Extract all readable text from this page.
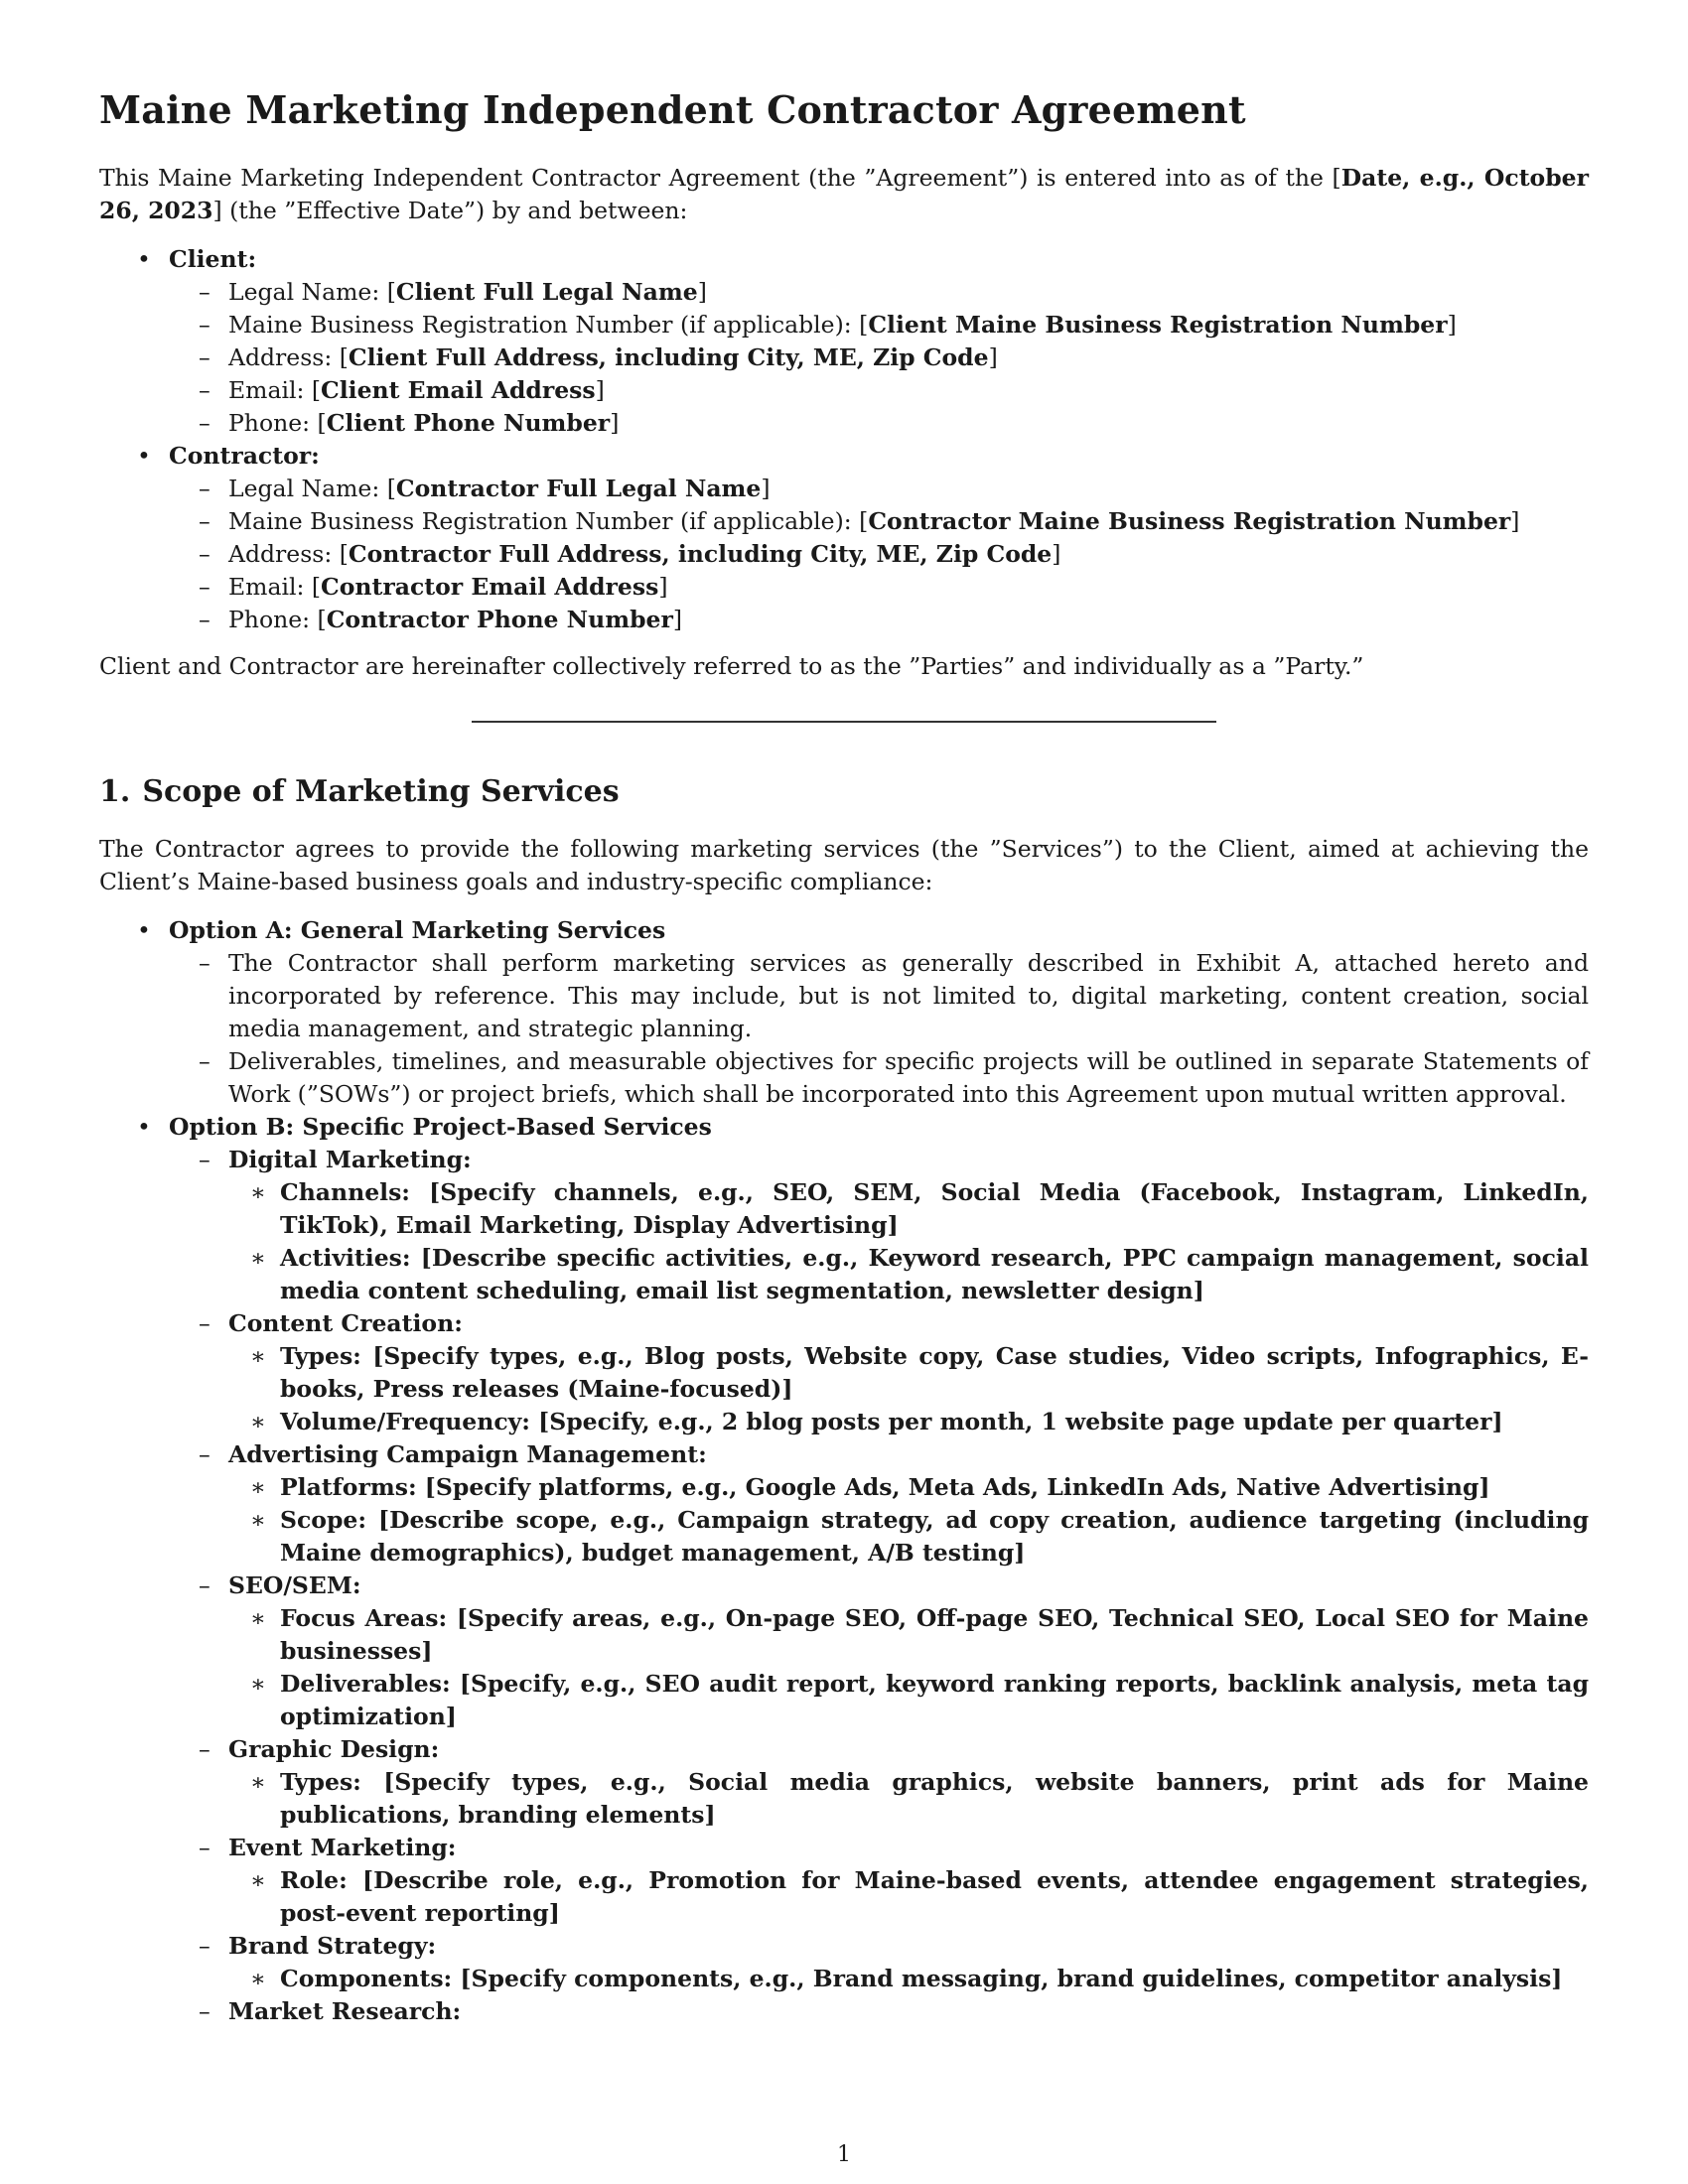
Maine Marketing Independent Contractor Agreement

This Maine Marketing Independent Contractor Agreement (the ”Agreement”) is entered into as of the [Date, e.g., October 26, 2023] (the ”Effective Date”) by and between:

• Client:
– Legal Name: [Client Full Legal Name]
– Maine Business Registration Number (if applicable): [Client Maine Business Registration Number]
– Address: [Client Full Address, including City, ME, Zip Code]
– Email: [Client Email Address]
– Phone: [Client Phone Number]
• Contractor:
– Legal Name: [Contractor Full Legal Name]
– Maine Business Registration Number (if applicable): [Contractor Maine Business Registration Number]
– Address: [Contractor Full Address, including City, ME, Zip Code]
– Email: [Contractor Email Address]
– Phone: [Contractor Phone Number]

Client and Contractor are hereinafter collectively referred to as the ”Parties” and individually as a ”Party.”

1. Scope of Marketing Services

The Contractor agrees to provide the following marketing services (the ”Services”) to the Client, aimed at achieving the Client’s Maine-based business goals and industry-specific compliance:

• Option A: General Marketing Services
– The Contractor shall perform marketing services as generally described in Exhibit A, attached hereto and incorporated by reference. This may include, but is not limited to, digital marketing, content creation, social media management, and strategic planning.
– Deliverables, timelines, and measurable objectives for specific projects will be outlined in separate Statements of Work (”SOWs”) or project briefs, which shall be incorporated into this Agreement upon mutual written approval.
• Option B: Specific Project-Based Services
– Digital Marketing:
∗ Channels: [Specify channels, e.g., SEO, SEM, Social Media (Facebook, Instagram, LinkedIn, TikTok), Email Marketing, Display Advertising]
∗ Activities: [Describe specific activities, e.g., Keyword research, PPC campaign management, social media content scheduling, email list segmentation, newsletter design]
– Content Creation:
∗ Types: [Specify types, e.g., Blog posts, Website copy, Case studies, Video scripts, Infographics, E-books, Press releases (Maine-focused)]
∗ Volume/Frequency: [Specify, e.g., 2 blog posts per month, 1 website page update per quarter]
– Advertising Campaign Management:
∗ Platforms: [Specify platforms, e.g., Google Ads, Meta Ads, LinkedIn Ads, Native Advertising]
∗ Scope: [Describe scope, e.g., Campaign strategy, ad copy creation, audience targeting (including Maine demographics), budget management, A/B testing]
– SEO/SEM:
∗ Focus Areas: [Specify areas, e.g., On-page SEO, Off-page SEO, Technical SEO, Local SEO for Maine businesses]
∗ Deliverables: [Specify, e.g., SEO audit report, keyword ranking reports, backlink analysis, meta tag optimization]
– Graphic Design:
∗ Types: [Specify types, e.g., Social media graphics, website banners, print ads for Maine publications, branding elements]
– Event Marketing:
∗ Role: [Describe role, e.g., Promotion for Maine-based events, attendee engagement strategies, post-event reporting]
– Brand Strategy:
∗ Components: [Specify components, e.g., Brand messaging, brand guidelines, competitor analysis]
– Market Research:
1
